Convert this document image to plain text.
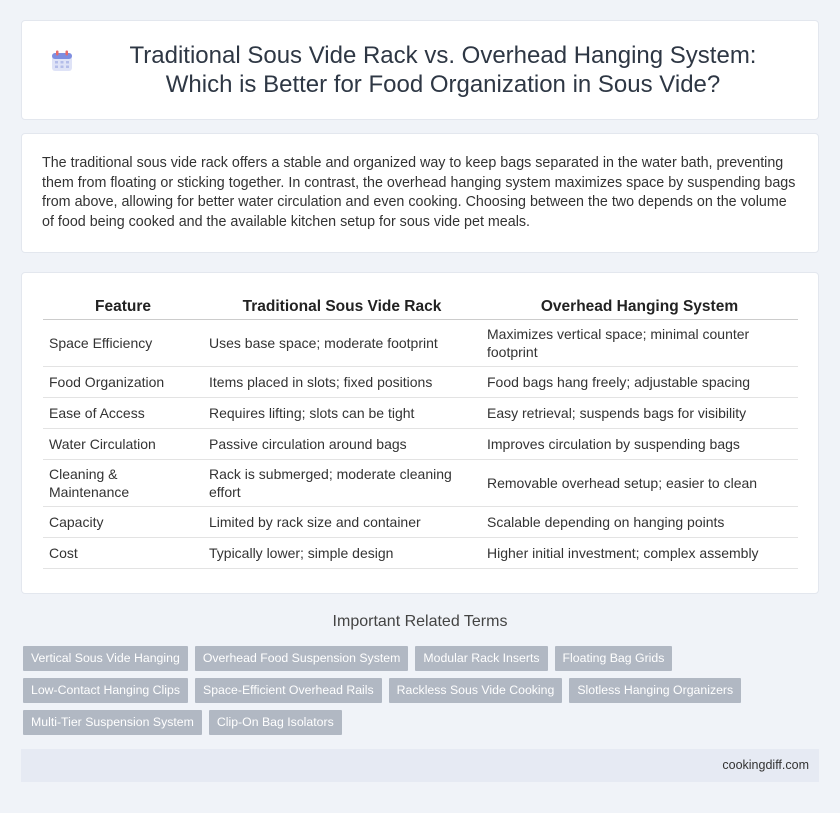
Traditional Sous Vide Rack vs. Overhead Hanging System: Which is Better for Food Organization in Sous Vide?

The traditional sous vide rack offers a stable and organized way to keep bags separated in the water bath, preventing them from floating or sticking together. In contrast, the overhead hanging system maximizes space by suspending bags from above, allowing for better water circulation and even cooking. Choosing between the two depends on the volume of food being cooked and the available kitchen setup for sous vide pet meals.

Feature	Traditional Sous Vide Rack	Overhead Hanging System
Space Efficiency	Uses base space; moderate footprint	Maximizes vertical space; minimal counter footprint
Food Organization	Items placed in slots; fixed positions	Food bags hang freely; adjustable spacing
Ease of Access	Requires lifting; slots can be tight	Easy retrieval; suspends bags for visibility
Water Circulation	Passive circulation around bags	Improves circulation by suspending bags
Cleaning & Maintenance	Rack is submerged; moderate cleaning effort	Removable overhead setup; easier to clean
Capacity	Limited by rack size and container	Scalable depending on hanging points
Cost	Typically lower; simple design	Higher initial investment; complex assembly
Important Related Terms
Vertical Sous Vide Hanging	Overhead Food Suspension System	Modular Rack Inserts	Floating Bag Grids
Low-Contact Hanging Clips	Space-Efficient Overhead Rails	Rackless Sous Vide Cooking	Slotless Hanging Organizers
Multi-Tier Suspension System	Clip-On Bag Isolators
cookingdiff.com
